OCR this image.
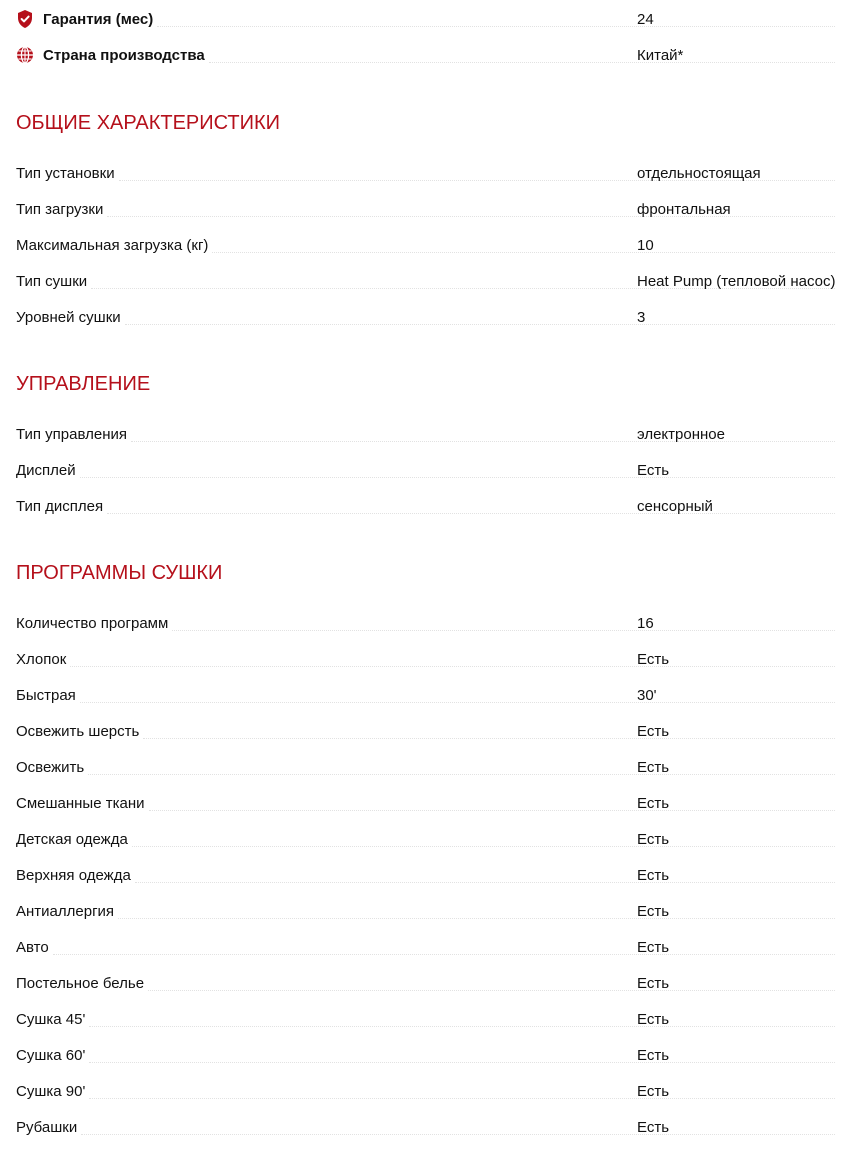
Гарантия (мес)	24
Страна производства	Китай*
ОБЩИЕ ХАРАКТЕРИСТИКИ
Тип установки	отдельностоящая
Тип загрузки	фронтальная
Максимальная загрузка (кг)	10
Тип сушки	Heat Pump (тепловой насос)
Уровней сушки	3
УПРАВЛЕНИЕ
Тип управления	электронное
Дисплей	Есть
Тип дисплея	сенсорный
ПРОГРАММЫ СУШКИ
Количество программ	16
Хлопок	Есть
Быстрая	30'
Освежить шерсть	Есть
Освежить	Есть
Смешанные ткани	Есть
Детская одежда	Есть
Верхняя одежда	Есть
Антиаллергия	Есть
Авто	Есть
Постельное белье	Есть
Сушка 45'	Есть
Сушка 60'	Есть
Сушка 90'	Есть
Рубашки	Есть
